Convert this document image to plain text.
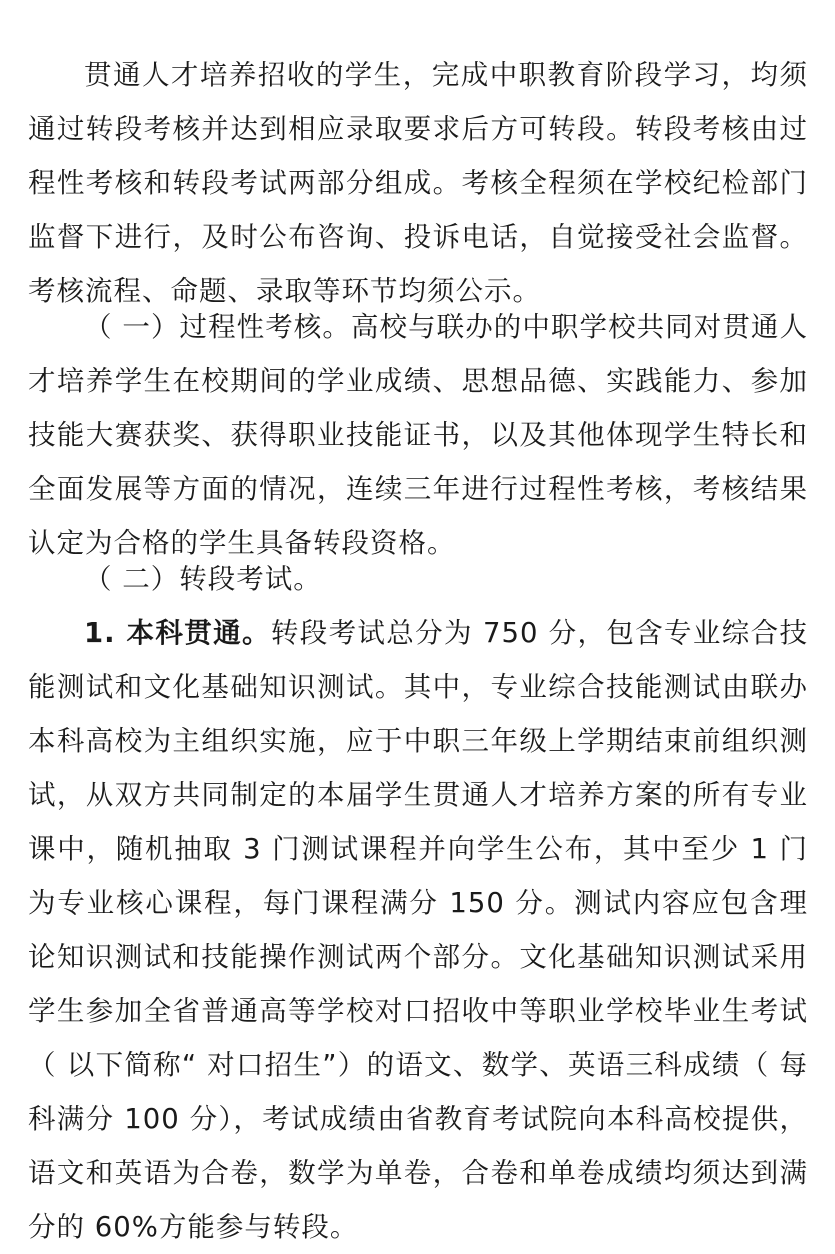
贯通人才培养招收的学生，完成中职教育阶段学习，均须通过转段考核并达到相应录取要求后方可转段。转段考核由过程性考核和转段考试两部分组成。考核全程须在学校纪检部门监督下进行，及时公布咨询、投诉电话，自觉接受社会监督。考核流程、命题、录取等环节均须公示。

（ 一）过程性考核。高校与联办的中职学校共同对贯通人才培养学生在校期间的学业成绩、思想品德、实践能力、参加技能大赛获奖、获得职业技能证书，以及其他体现学生特长和全面发展等方面的情况，连续三年进行过程性考核，考核结果认定为合格的学生具备转段资格。

（ 二）转段考试。

1. 本科贯通。转段考试总分为 750 分，包含专业综合技能测试和文化基础知识测试。其中，专业综合技能测试由联办本科高校为主组织实施，应于中职三年级上学期结束前组织测试，从双方共同制定的本届学生贯通人才培养方案的所有专业课中，随机抽取 3 门测试课程并向学生公布，其中至少 1 门为专业核心课程，每门课程满分 150 分。测试内容应包含理论知识测试和技能操作测试两个部分。文化基础知识测试采用学生参加全省普通高等学校对口招收中等职业学校毕业生考试（ 以下简称“ 对口招生”）的语文、数学、英语三科成绩（ 每科满分 100 分），考试成绩由省教育考试院向本科高校提供，语文和英语为合卷，数学为单卷，合卷和单卷成绩均须达到满分的 60%方能参与转段。
